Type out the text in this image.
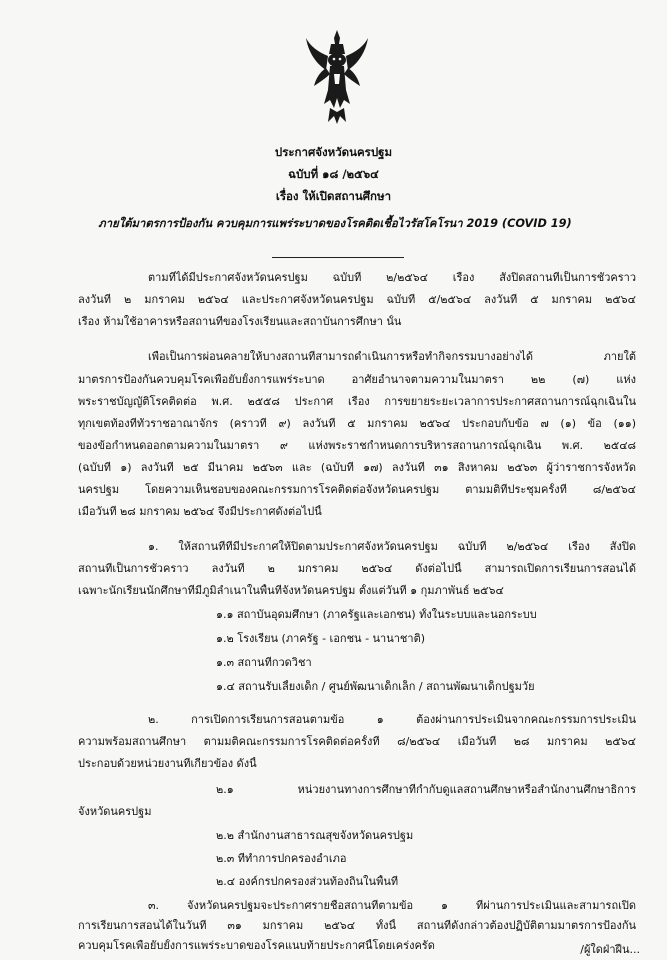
ประกาศจังหวัดนครปฐม
ฉบับที่ ๑๘ /๒๕๖๔
เรื่อง ให้เปิดสถานศึกษา
ภายใต้มาตรการป้องกัน ควบคุมการแพร่ระบาดของโรคติดเชื้อไวรัสโคโรนา 2019 (COVID 19)
ตามที่ได้มีประกาศจังหวัดนครปฐม ฉบับที่ ๒/๒๕๖๔ เรื่อง สั่งปิดสถานที่เป็นการชั่วคราว
ลงวันที่ ๒ มกราคม ๒๕๖๔ และประกาศจังหวัดนครปฐม ฉบับที่ ๕/๒๕๖๔ ลงวันที่ ๕ มกราคม ๒๕๖๔
เรื่อง ห้ามใช้อาคารหรือสถานที่ของโรงเรียนและสถาบันการศึกษา นั้น
เพื่อเป็นการผ่อนคลายให้บางสถานที่สามารถดำเนินการหรือทำกิจกรรมบางอย่างได้ ภายใต้
มาตรการป้องกันควบคุมโรคเพื่อยับยั้งการแพร่ระบาด อาศัยอำนาจตามความในมาตรา ๒๒ (๗) แห่ง
พระราชบัญญัติโรคติดต่อ พ.ศ. ๒๕๕๘ ประกาศ เรื่อง การขยายระยะเวลาการประกาศสถานการณ์ฉุกเฉินใน
ทุกเขตท้องที่ทั่วราชอาณาจักร (คราวที่ ๙) ลงวันที่ ๕ มกราคม ๒๕๖๔ ประกอบกับข้อ ๗ (๑) ข้อ (๑๑)
ของข้อกำหนดออกตามความในมาตรา ๙ แห่งพระราชกำหนดการบริหารสถานการณ์ฉุกเฉิน พ.ศ. ๒๕๔๘
(ฉบับที่ ๑) ลงวันที่ ๒๕ มีนาคม ๒๕๖๓ และ (ฉบับที่ ๑๗) ลงวันที่ ๓๑ สิงหาคม ๒๕๖๓ ผู้ว่าราชการจังหวัด
นครปฐม โดยความเห็นชอบของคณะกรรมการโรคติดต่อจังหวัดนครปฐม ตามมติที่ประชุมครั้งที่ ๘/๒๕๖๔
เมื่อวันที่ ๒๘ มกราคม ๒๕๖๔ จึงมีประกาศดังต่อไปนี้
๑. ให้สถานที่ที่มีประกาศให้ปิดตามประกาศจังหวัดนครปฐม ฉบับที่ ๒/๒๕๖๔ เรื่อง สั่งปิด
สถานที่เป็นการชั่วคราว ลงวันที่ ๒ มกราคม ๒๕๖๔ ดังต่อไปนี้ สามารถเปิดการเรียนการสอนได้
เฉพาะนักเรียนนักศึกษาที่มีภูมิลำเนาในพื้นที่จังหวัดนครปฐม ตั้งแต่วันที่ ๑ กุมภาพันธ์ ๒๕๖๔
๑.๑ สถาบันอุดมศึกษา (ภาครัฐและเอกชน) ทั้งในระบบและนอกระบบ
๑.๒ โรงเรียน (ภาครัฐ - เอกชน - นานาชาติ)
๑.๓ สถานที่กวดวิชา
๑.๔ สถานรับเลี้ยงเด็ก / ศูนย์พัฒนาเด็กเล็ก / สถานพัฒนาเด็กปฐมวัย
๒. การเปิดการเรียนการสอนตามข้อ ๑ ต้องผ่านการประเมินจากคณะกรรมการประเมิน
ความพร้อมสถานศึกษา ตามมติคณะกรรมการโรคติดต่อครั้งที่ ๘/๒๕๖๔ เมื่อวันที่ ๒๘ มกราคม ๒๕๖๔
ประกอบด้วยหน่วยงานที่เกี่ยวข้อง ดังนี้
๒.๑ หน่วยงานทางการศึกษาที่กำกับดูแลสถานศึกษาหรือสำนักงานศึกษาธิการ
จังหวัดนครปฐม
๒.๒ สำนักงานสาธารณสุขจังหวัดนครปฐม
๒.๓ ที่ทำการปกครองอำเภอ
๒.๔ องค์กรปกครองส่วนท้องถิ่นในพื้นที่
๓. จังหวัดนครปฐมจะประกาศรายชื่อสถานที่ตามข้อ ๑ ที่ผ่านการประเมินและสามารถเปิด
การเรียนการสอนได้ในวันที่ ๓๑ มกราคม ๒๕๖๔ ทั้งนี้ สถานที่ดังกล่าวต้องปฏิบัติตามมาตรการป้องกัน
ควบคุมโรคเพื่อยับยั้งการแพร่ระบาดของโรคแนบท้ายประกาศนี้โดยเคร่งครัด	/ผู้ใดฝ่าฝืน...
